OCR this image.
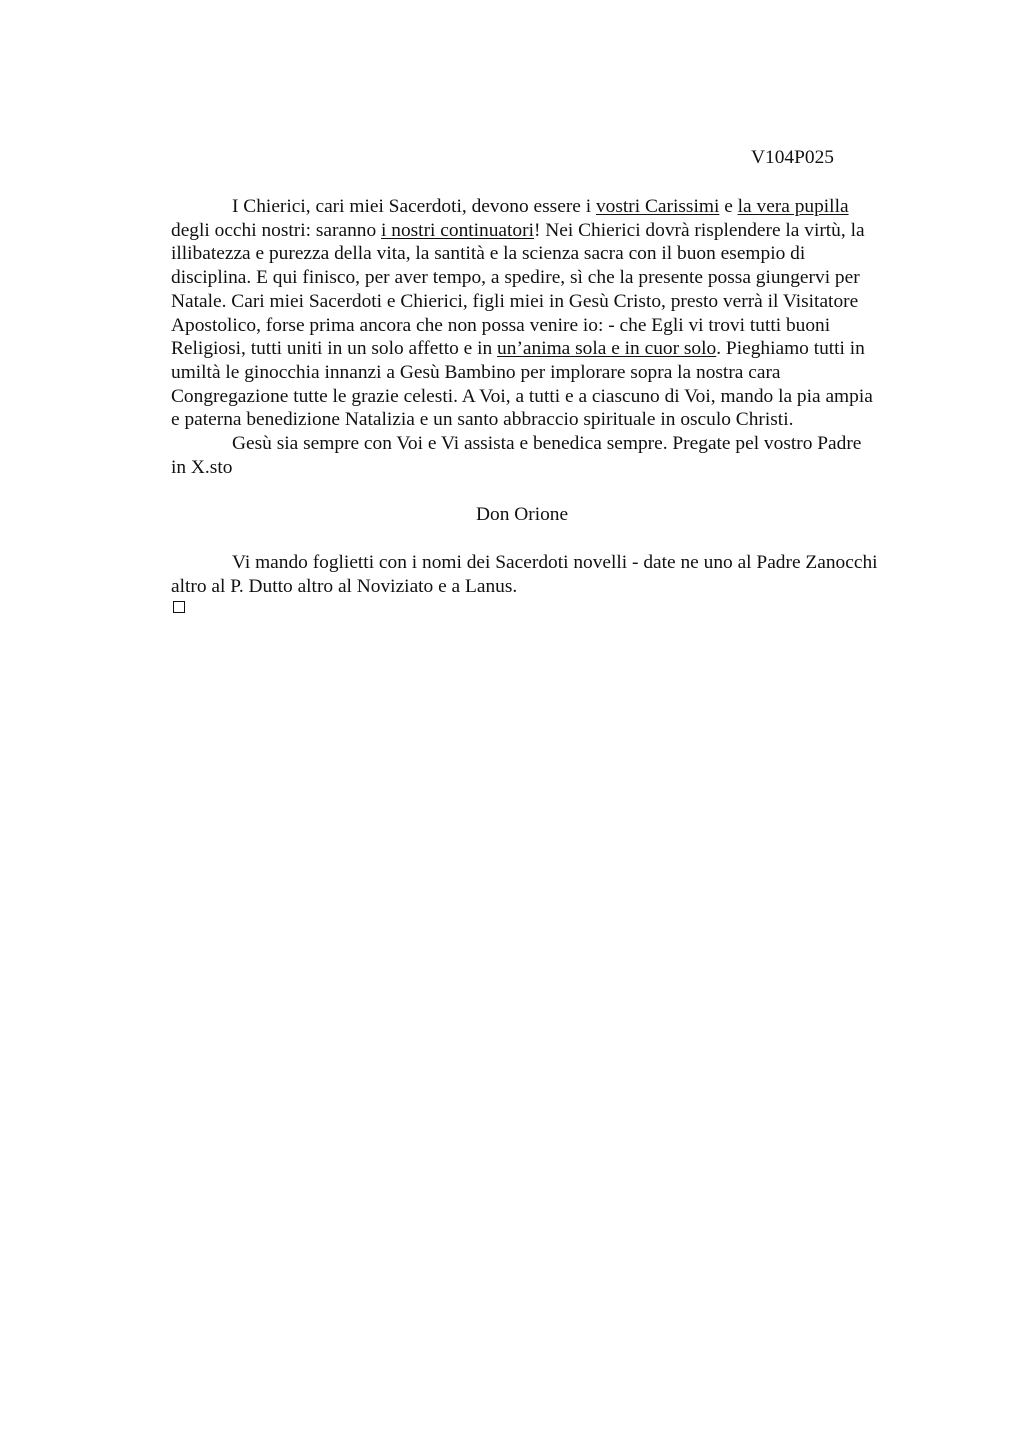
V104P025
I Chierici, cari miei Sacerdoti, devono essere i vostri Carissimi e la vera pupilla
degli occhi nostri: saranno i nostri continuatori! Nei Chierici dovrà risplendere la virtù, la
illibatezza e purezza della vita, la santità e la scienza sacra con il buon esempio di
disciplina. E qui finisco, per aver tempo, a spedire, sì che la presente possa giungervi per
Natale. Cari miei Sacerdoti e Chierici, figli miei in Gesù Cristo, presto verrà il Visitatore
Apostolico, forse prima ancora che non possa venire io: - che Egli vi trovi tutti buoni
Religiosi, tutti uniti in un solo affetto e in un’anima sola e in cuor solo. Pieghiamo tutti in
umiltà le ginocchia innanzi a Gesù Bambino per implorare sopra la nostra cara
Congregazione tutte le grazie celesti. A Voi, a tutti e a ciascuno di Voi, mando la pia ampia
e paterna benedizione Natalizia e un santo abbraccio spirituale in osculo Christi.
Gesù sia sempre con Voi e Vi assista e benedica sempre. Pregate pel vostro Padre
in X.sto
Don Orione
Vi mando foglietti con i nomi dei Sacerdoti novelli - date ne uno al Padre Zanocchi
altro al P. Dutto altro al Noviziato e a Lanus.
